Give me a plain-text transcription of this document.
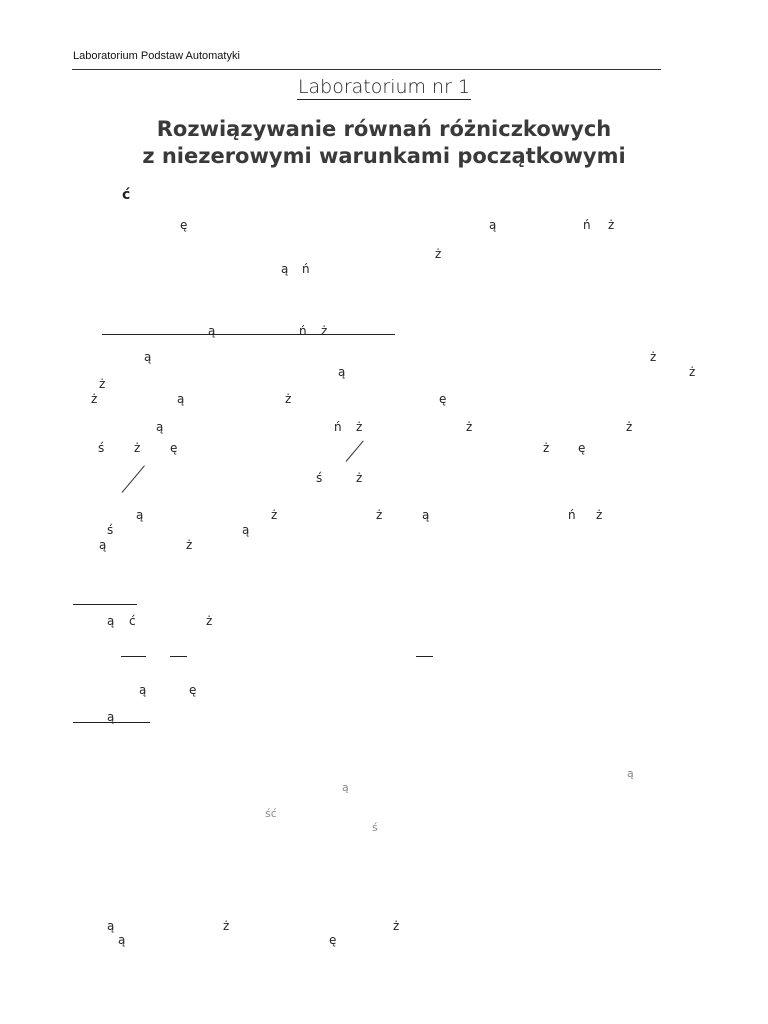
Laboratorium Podstaw Automatyki
Laboratorium nr 1
Rozwiązywanie równań różniczkowych
z niezerowymi warunkami początkowymi
ć
ę	ą	ń ż
ż
ą ń
ą	ń ż
ą	ż
ą	ż
ż
ż	ą	ż	ę
ą	ń ż	ż	ż
ś ż ę	ż ę
ś	ż
ą	ż	ż	ą	ń ż
ś	ą
ą	ż
ą ć	ż
ą	ę
ą
ą
ą
ść
ś
ą	ż	ż
ą	ę
